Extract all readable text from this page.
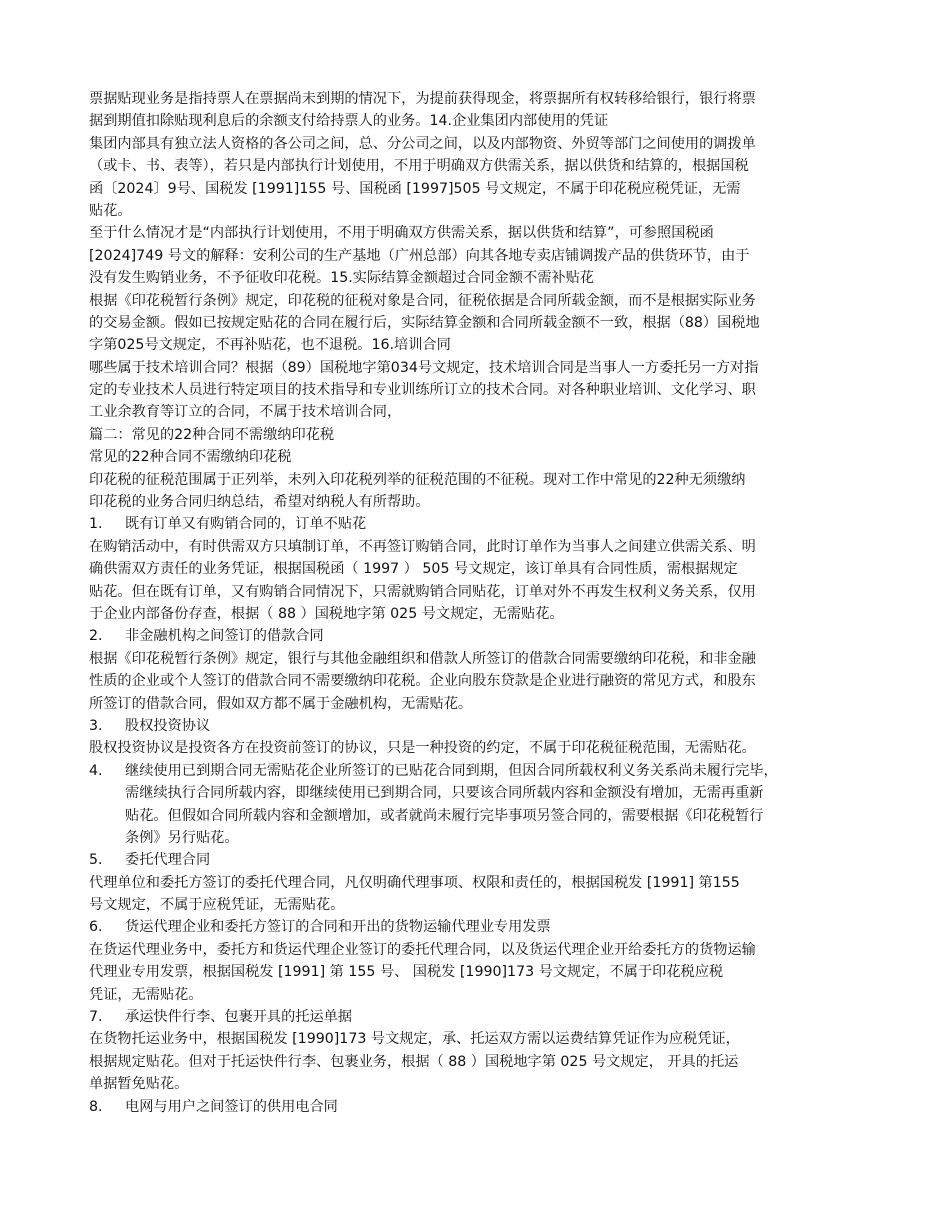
票据贴现业务是指持票人在票据尚未到期的情况下，为提前获得现金，将票据所有权转移给银行，银行将票
据到期值扣除贴现利息后的余额支付给持票人的业务。14.企业集团内部使用的凭证
集团内部具有独立法人资格的各公司之间，总、分公司之间，以及内部物资、外贸等部门之间使用的调拨单
（或卡、书、表等），若只是内部执行计划使用，不用于明确双方供需关系，据以供货和结算的，根据国税
函〔2024〕9号、国税发 [1991]155 号、国税函 [1997]505 号文规定，不属于印花税应税凭证，无需
贴花。
至于什么情况才是“内部执行计划使用，不用于明确双方供需关系，据以供货和结算”，可参照国税函
[2024]749 号文的解释：安利公司的生产基地（广州总部）向其各地专卖店铺调拨产品的供货环节，由于
没有发生购销业务，不予征收印花税。15.实际结算金额超过合同金额不需补贴花
根据《印花税暂行条例》规定，印花税的征税对象是合同，征税依据是合同所载金额，而不是根据实际业务
的交易金额。假如已按规定贴花的合同在履行后，实际结算金额和合同所载金额不一致，根据（88）国税地
字第025号文规定，不再补贴花，也不退税。16.培训合同
哪些属于技术培训合同？根据（89）国税地字第034号文规定，技术培训合同是当事人一方委托另一方对指
定的专业技术人员进行特定项目的技术指导和专业训练所订立的技术合同。对各种职业培训、文化学习、职
工业余教育等订立的合同，不属于技术培训合同，
篇二：常见的22种合同不需缴纳印花税
常见的22种合同不需缴纳印花税
印花税的征税范围属于正列举，未列入印花税列举的征税范围的不征税。现对工作中常见的22种无须缴纳
印花税的业务合同归纳总结，希望对纳税人有所帮助。
1. 既有订单又有购销合同的，订单不贴花
在购销活动中，有时供需双方只填制订单，不再签订购销合同，此时订单作为当事人之间建立供需关系、明
确供需双方责任的业务凭证，根据国税函（ 1997 ） 505 号文规定，该订单具有合同性质，需根据规定
贴花。但在既有订单，又有购销合同情况下，只需就购销合同贴花，订单对外不再发生权利义务关系，仅用
于企业内部备份存查，根据（ 88 ）国税地字第 025 号文规定，无需贴花。
2. 非金融机构之间签订的借款合同
根据《印花税暂行条例》规定，银行与其他金融组织和借款人所签订的借款合同需要缴纳印花税，和非金融
性质的企业或个人签订的借款合同不需要缴纳印花税。企业向股东贷款是企业进行融资的常见方式，和股东
所签订的借款合同，假如双方都不属于金融机构，无需贴花。
3. 股权投资协议
股权投资协议是投资各方在投资前签订的协议，只是一种投资的约定，不属于印花税征税范围，无需贴花。
4. 继续使用已到期合同无需贴花企业所签订的已贴花合同到期，但因合同所载权利义务关系尚未履行完毕，
需继续执行合同所载内容，即继续使用已到期合同，只要该合同所载内容和金额没有增加，无需再重新
贴花。但假如合同所载内容和金额增加，或者就尚未履行完毕事项另签合同的，需要根据《印花税暂行
条例》另行贴花。
5. 委托代理合同
代理单位和委托方签订的委托代理合同，凡仅明确代理事项、权限和责任的，根据国税发 [1991] 第155
号文规定，不属于应税凭证，无需贴花。
6. 货运代理企业和委托方签订的合同和开出的货物运输代理业专用发票
在货运代理业务中，委托方和货运代理企业签订的委托代理合同，以及货运代理企业开给委托方的货物运输
代理业专用发票，根据国税发 [1991] 第 155 号、 国税发 [1990]173 号文规定，不属于印花税应税
凭证，无需贴花。
7. 承运快件行李、包裹开具的托运单据
在货物托运业务中，根据国税发 [1990]173 号文规定，承、托运双方需以运费结算凭证作为应税凭证，
根据规定贴花。但对于托运快件行李、包裹业务，根据（ 88 ）国税地字第 025 号文规定， 开具的托运
单据暂免贴花。
8. 电网与用户之间签订的供用电合同
